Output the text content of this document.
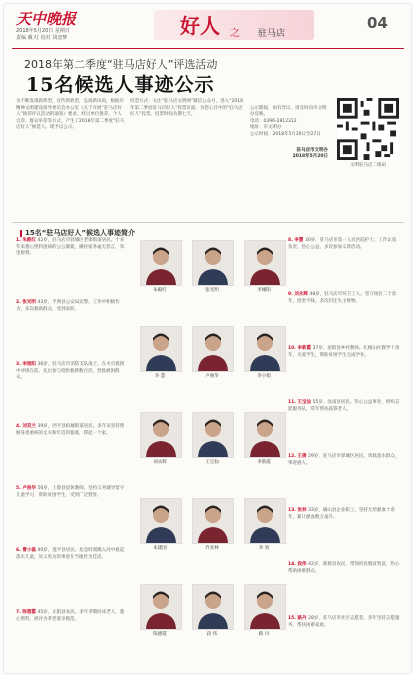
天中晚报
2018年5月20日 星期日
责编 戴 红 校对 胡恋梦	好人 之 驻马店
04
2018年第二季度“驻马店好人”评选活动
15名候选人事迹公示
为不断发现新典型，宣传新典型，弘扬新风尚，根据市精神文明建设指导委员会办公室《关于开展“驻马店好人”推荐评议活动的通知》要求，经过单位推荐、个人自荐、群众举荐等方式，产生了2018年第二季度“驻马店好人”候选人。现予以公示。
投票方式：关注“驻马店文明网”微信公众号，进入“2018年第二季度驻马店好人”投票页面，为您心目中的“驻马店好人”投票。投票时间为期七天。

公示期间，如有异议，请及时向市文明办反映。
电话：0396-2812312
地址：市文明办
公示时间：2018年5月20日至27日

驻马店市文明办
2018年5月20日

文明驻马店二维码
15名“驻马店好人”候选人事迹简介
1. 朱殿红 42岁，驻马店市驿城区老街街道居民。十多年来悉心照料患病的公公婆婆，操持家务毫无怨言，邻里称赞。
2. 张光明 43岁，平舆县公安局民警。工作中积极作为，多次救助群众，受到表彰。
3. 李刚阳 36岁，驻马店市消防支队战士。在火灾救援中冲锋在前，先后参与抢险救援数百次，营救被困群众。
4. 刘双兰 39岁，西平县柏城街道居民。多年来坚持照顾身患重病的丈夫和年迈的婆婆，撑起一个家。
5. 卢俊华 56岁，上蔡县退休教师。坚持义务辅导留守儿童学习，资助贫困学生，受到广泛赞誉。
6. 曹小磊 40岁，遂平县居民。危急时刻跳入河中救起落水儿童，见义勇为的事迹在当地传为佳话。
7. 陈德霞 45岁，正阳县农民。多年孝敬卧床老人，悉心照料，被评为孝老爱亲模范。
8. 李慧 30岁，驻马店市第一人民医院护士。工作认真负责，热心公益，多次参加义诊活动。
9. 刘永辉 48岁，驻马店市环卫工人。坚守岗位二十余年，拾金不昧，多次归还失主财物。
10. 李新霞 37岁，泌阳县乡村教师。扎根山区教学十余年，关爱学生，资助贫困学生完成学业。
11. 王宝仙 55岁，汝南县居民。热心公益事业，组织志愿服务队，常年帮扶孤寡老人。
12. 王倩 29岁，驻马店市驿城区居民。勇救落水群众，事迹感人。
13. 张林 33岁，确山县企业职工。坚持无偿献血十余年，累计献血数万毫升。
14. 段伟 42岁，新蔡县农民。带领村民脱贫致富，热心帮助困难群众。
15. 路丹 28岁，驻马店市社区志愿者。多年坚持志愿服务，帮扶困难家庭。
朱殿红	张光明	李刚阳
李 慧	卢俊华	李小娟
刘永辉	王宝仙	李新霞
朱建国	乔亚林	李 勇
陈德霞	段 伟	路 丹
